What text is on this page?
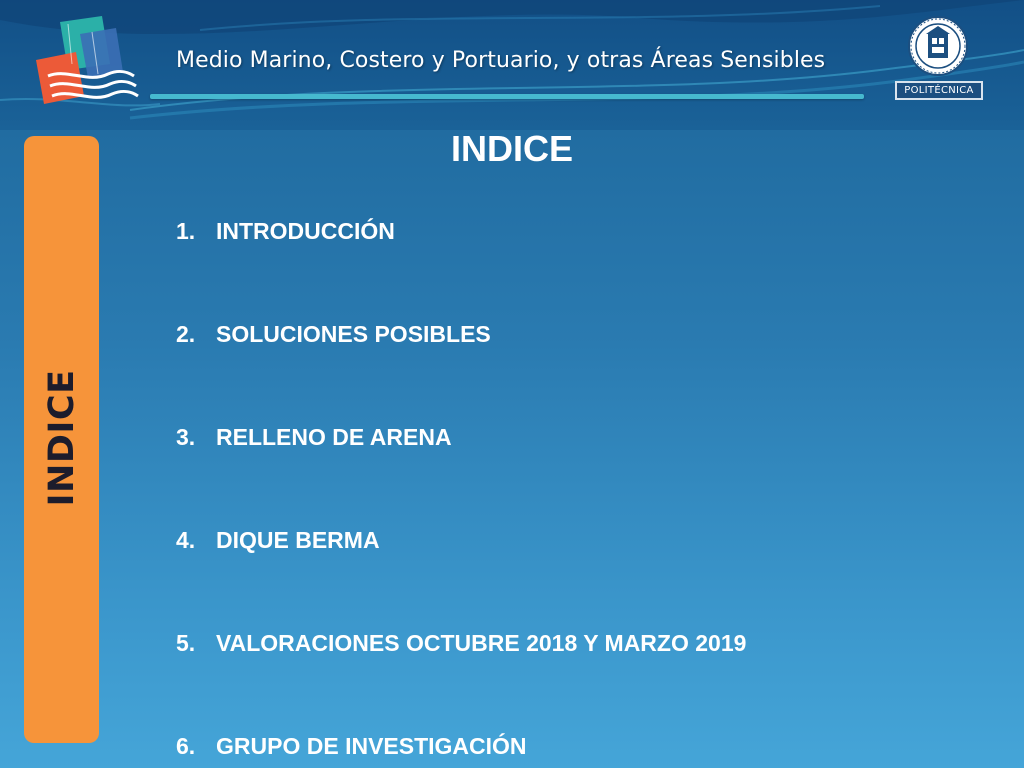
Medio Marino, Costero y Portuario, y otras Áreas Sensibles
POLITÉCNICA
INDICE
INDICE
1. INTRODUCCIÓN
2. SOLUCIONES POSIBLES
3. RELLENO DE ARENA
4. DIQUE BERMA
5. VALORACIONES OCTUBRE 2018 Y MARZO 2019
6. GRUPO DE INVESTIGACIÓN
